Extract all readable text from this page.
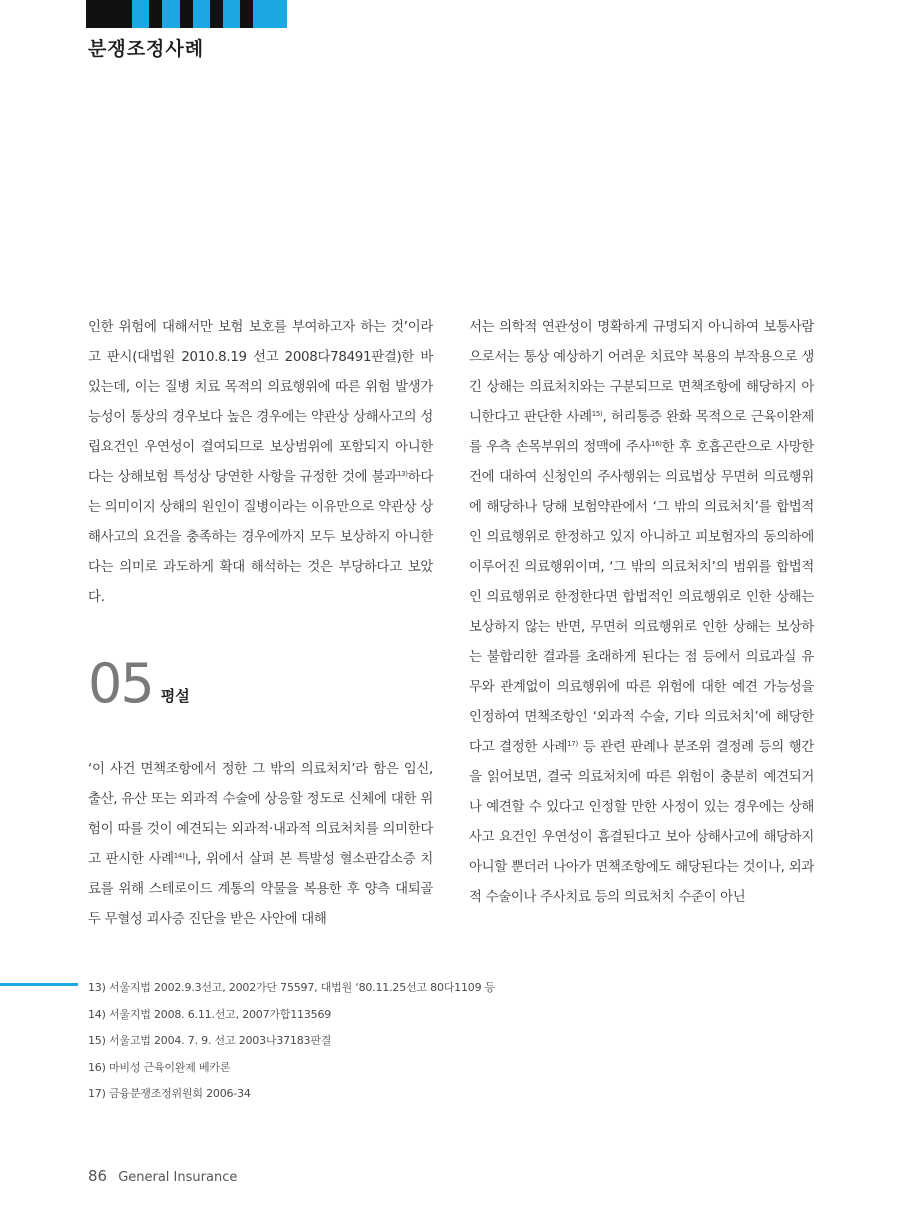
분쟁조정사례

인한 위험에 대해서만 보험 보호를 부여하고자 하는 것’이라고 판시(대법원 2010.8.19 선고 2008다78491판결)한 바 있는데, 이는 질병 치료 목적의 의료행위에 따른 위험 발생가능성이 통상의 경우보다 높은 경우에는 약관상 상해사고의 성립요건인 우연성이 결여되므로 보상범위에 포함되지 아니한다는 상해보험 특성상 당연한 사항을 규정한 것에 불과$^{13)}$하다는 의미이지 상해의 원인이 질병이라는 이유만으로 약관상 상해사고의 요건을 충족하는 경우에까지 모두 보상하지 아니한다는 의미로 과도하게 확대 해석하는 것은 부당하다고 보았다.

05 평설

‘이 사건 면책조항에서 정한 그 밖의 의료처치’라 함은 임신, 출산, 유산 또는 외과적 수술에 상응할 정도로 신체에 대한 위험이 따를 것이 예견되는 외과적·내과적 의료처치를 의미한다고 판시한 사례$^{14)}$나, 위에서 살펴 본 특발성 혈소판감소증 치료를 위해 스테로이드 계통의 약물을 복용한 후 양측 대퇴골두 무혈성 괴사증 진단을 받은 사안에 대해

서는 의학적 연관성이 명확하게 규명되지 아니하여 보통사람으로서는 통상 예상하기 어려운 치료약 복용의 부작용으로 생긴 상해는 의료처치와는 구분되므로 면책조항에 해당하지 아니한다고 판단한 사례$^{15)}$, 허리통증 완화 목적으로 근육이완제를 우측 손목부위의 정맥에 주사$^{16)}$한 후 호흡곤란으로 사망한 건에 대하여 신청인의 주사행위는 의료법상 무면허 의료행위에 해당하나 당해 보험약관에서 ‘그 밖의 의료처치’를 합법적인 의료행위로 한정하고 있지 아니하고 피보험자의 동의하에 이루어진 의료행위이며, ‘그 밖의 의료처치’의 범위를 합법적인 의료행위로 한정한다면 합법적인 의료행위로 인한 상해는 보상하지 않는 반면, 무면허 의료행위로 인한 상해는 보상하는 불합리한 결과를 초래하게 된다는 점 등에서 의료과실 유무와 관계없이 의료행위에 따른 위험에 대한 예견 가능성을 인정하여 면책조항인 ‘외과적 수술, 기타 의료처치’에 해당한다고 결정한 사례$^{17)}$ 등 관련 판례나 분조위 결정례 등의 행간을 읽어보면, 결국 의료처치에 따른 위험이 충분히 예견되거나 예견할 수 있다고 인정할 만한 사정이 있는 경우에는 상해사고 요건인 우연성이 흠결된다고 보아 상해사고에 해당하지 아니할 뿐더러 나아가 면책조항에도 해당된다는 것이나, 외과적 수술이나 주사치료 등의 의료처치 수준이 아닌

13) 서울지법 2002.9.3선고, 2002가단 75597, 대법원 ‘80.11.25선고 80다1109 등
14) 서울지법 2008. 6.11.선고, 2007가합113569
15) 서울고법 2004. 7. 9. 선고 2003나37183판결
16) 마비성 근육이완제 베카론
17) 금융분쟁조정위원회 2006-34
86 General Insurance
